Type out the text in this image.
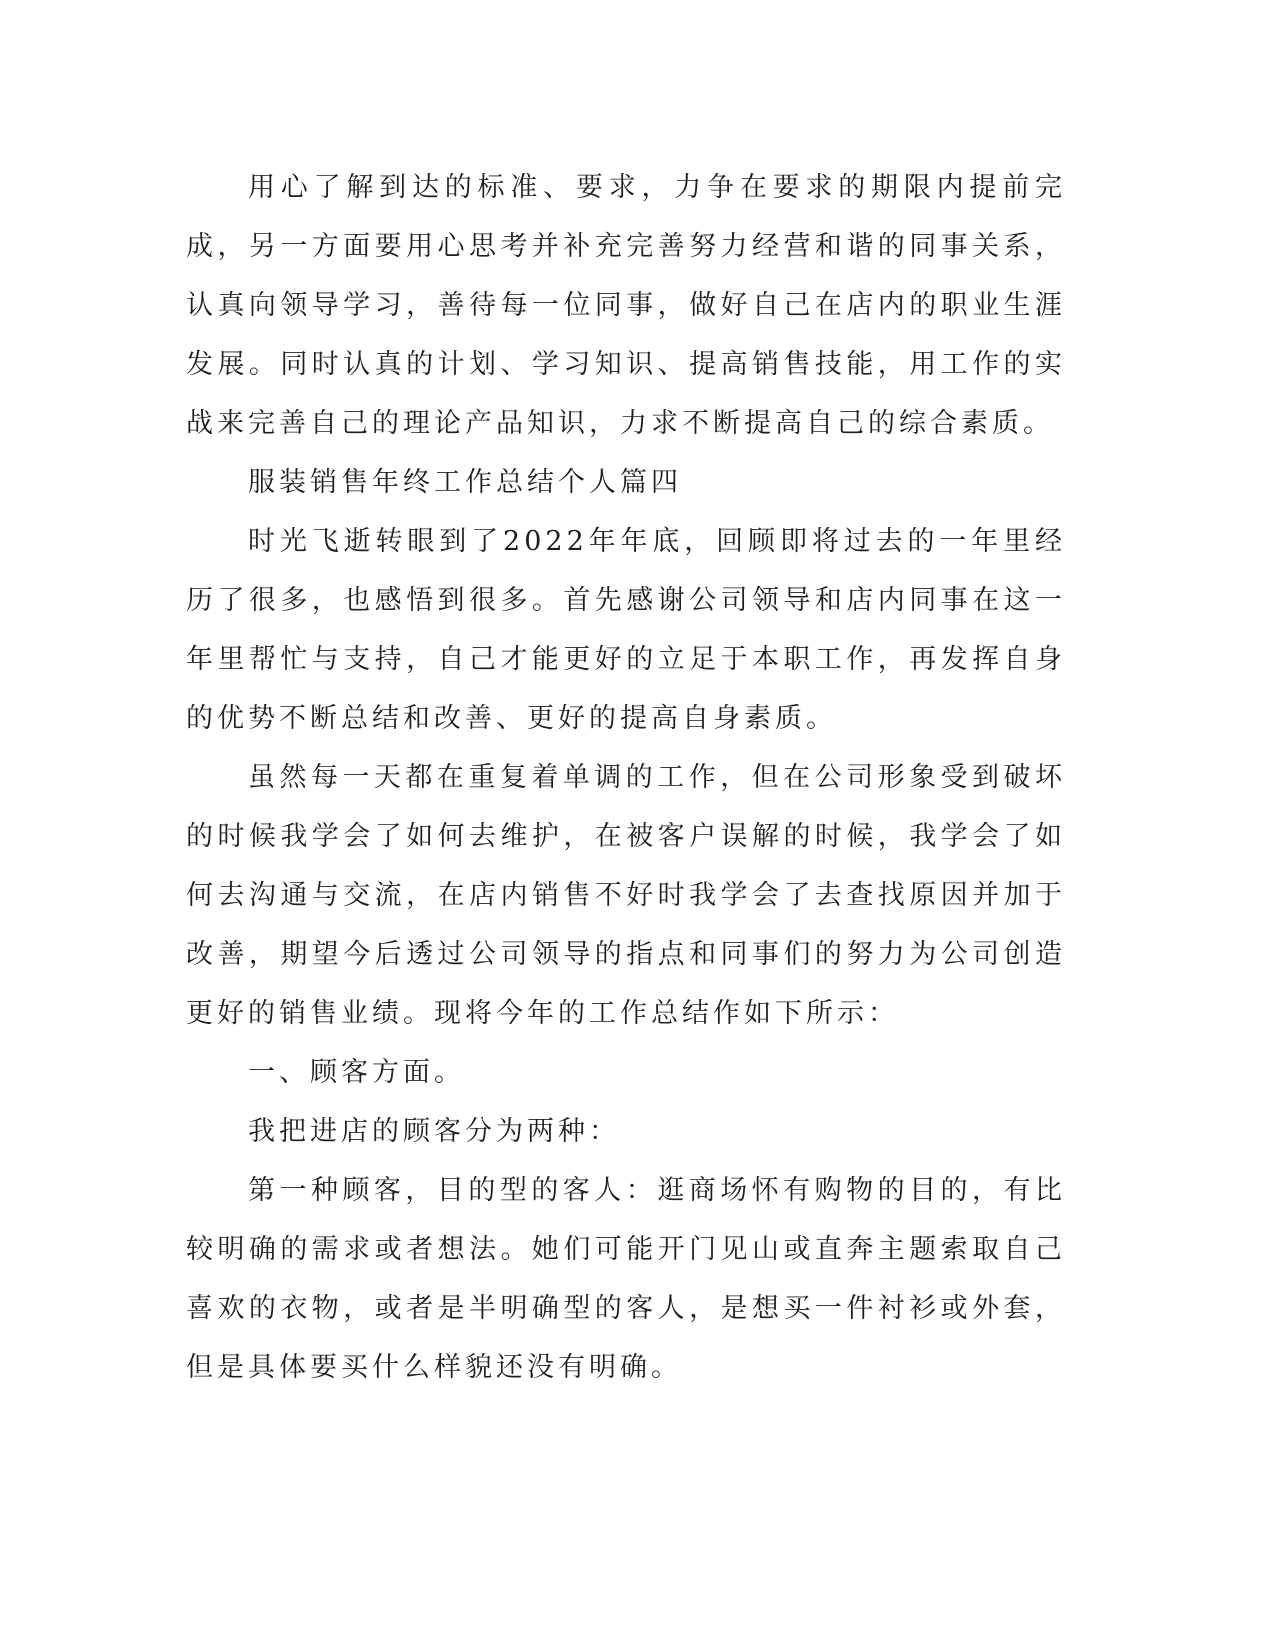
用心了解到达的标准、要求，力争在要求的期限内提前完成，另一方面要用心思考并补充完善努力经营和谐的同事关系，认真向领导学习，善待每一位同事，做好自己在店内的职业生涯发展。同时认真的计划、学习知识、提高销售技能，用工作的实战来完善自己的理论产品知识，力求不断提高自己的综合素质。

服装销售年终工作总结个人篇四

时光飞逝转眼到了2022年年底，回顾即将过去的一年里经历了很多，也感悟到很多。首先感谢公司领导和店内同事在这一年里帮忙与支持，自己才能更好的立足于本职工作，再发挥自身的优势不断总结和改善、更好的提高自身素质。

虽然每一天都在重复着单调的工作，但在公司形象受到破坏的时候我学会了如何去维护，在被客户误解的时候，我学会了如何去沟通与交流，在店内销售不好时我学会了去查找原因并加于改善，期望今后透过公司领导的指点和同事们的努力为公司创造更好的销售业绩。现将今年的工作总结作如下所示：

一、顾客方面。

我把进店的顾客分为两种：

第一种顾客，目的型的客人：逛商场怀有购物的目的，有比较明确的需求或者想法。她们可能开门见山或直奔主题索取自己喜欢的衣物，或者是半明确型的客人，是想买一件衬衫或外套，但是具体要买什么样貌还没有明确。
